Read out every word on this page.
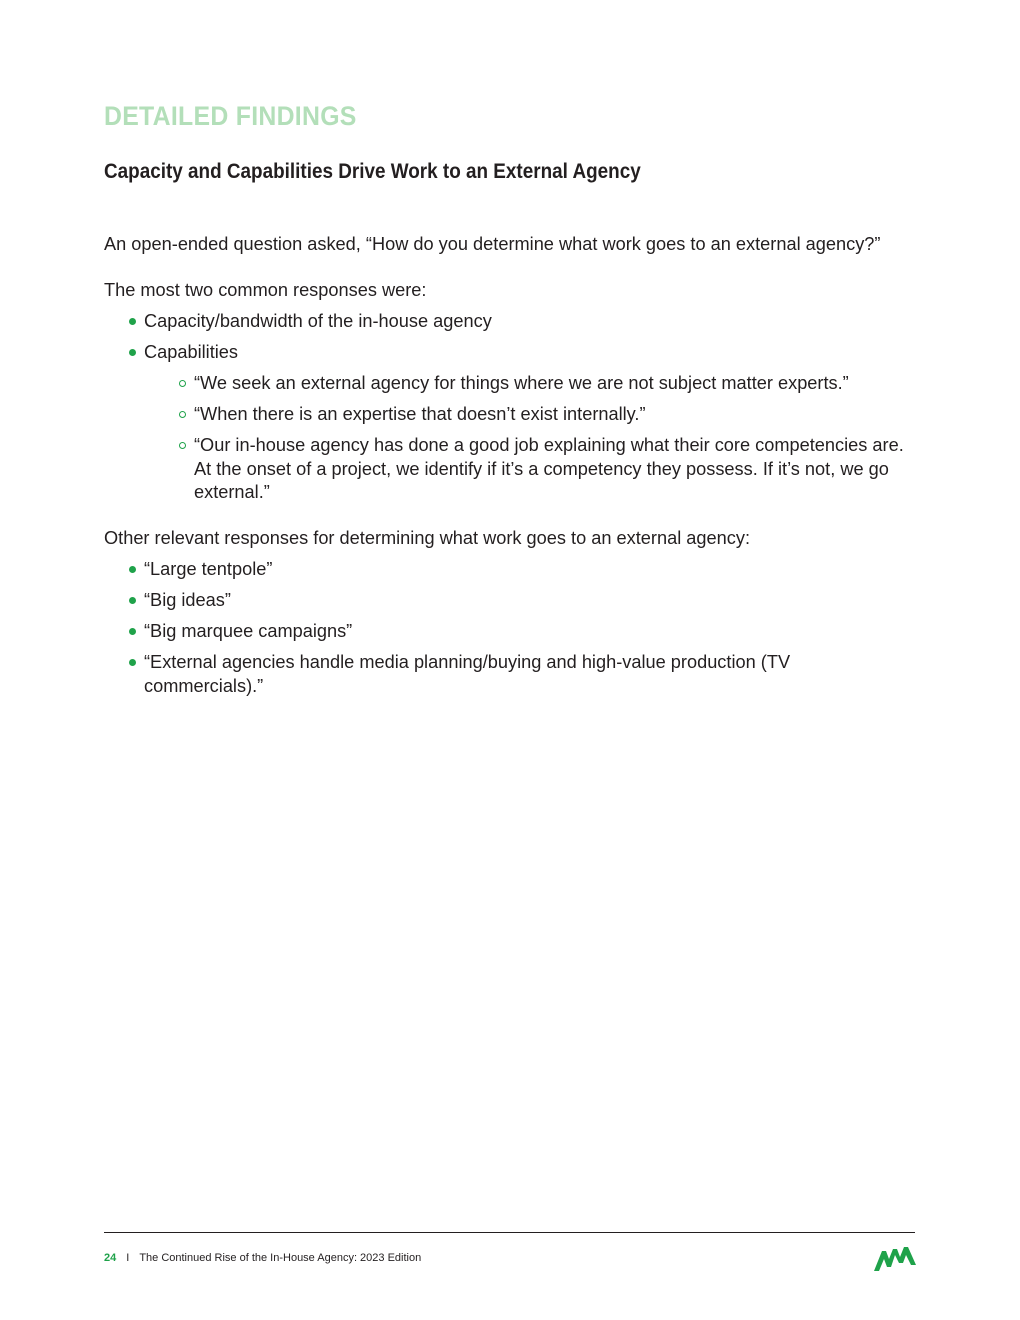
DETAILED FINDINGS
Capacity and Capabilities Drive Work to an External Agency

An open-ended question asked, “How do you determine what work goes to an external agency?”

The most two common responses were:

Capacity/bandwidth of the in-house agency
Capabilities
“We seek an external agency for things where we are not subject matter experts.”
“When there is an expertise that doesn’t exist internally.”
“Our in-house agency has done a good job explaining what their core competencies are. At the onset of a project, we identify if it’s a competency they possess. If it’s not, we go external.”

Other relevant responses for determining what work goes to an external agency:

“Large tentpole”
“Big ideas”
“Big marquee campaigns”
“External agencies handle media planning/buying and high-value production (TV commercials).”
24 I The Continued Rise of the In-House Agency: 2023 Edition
